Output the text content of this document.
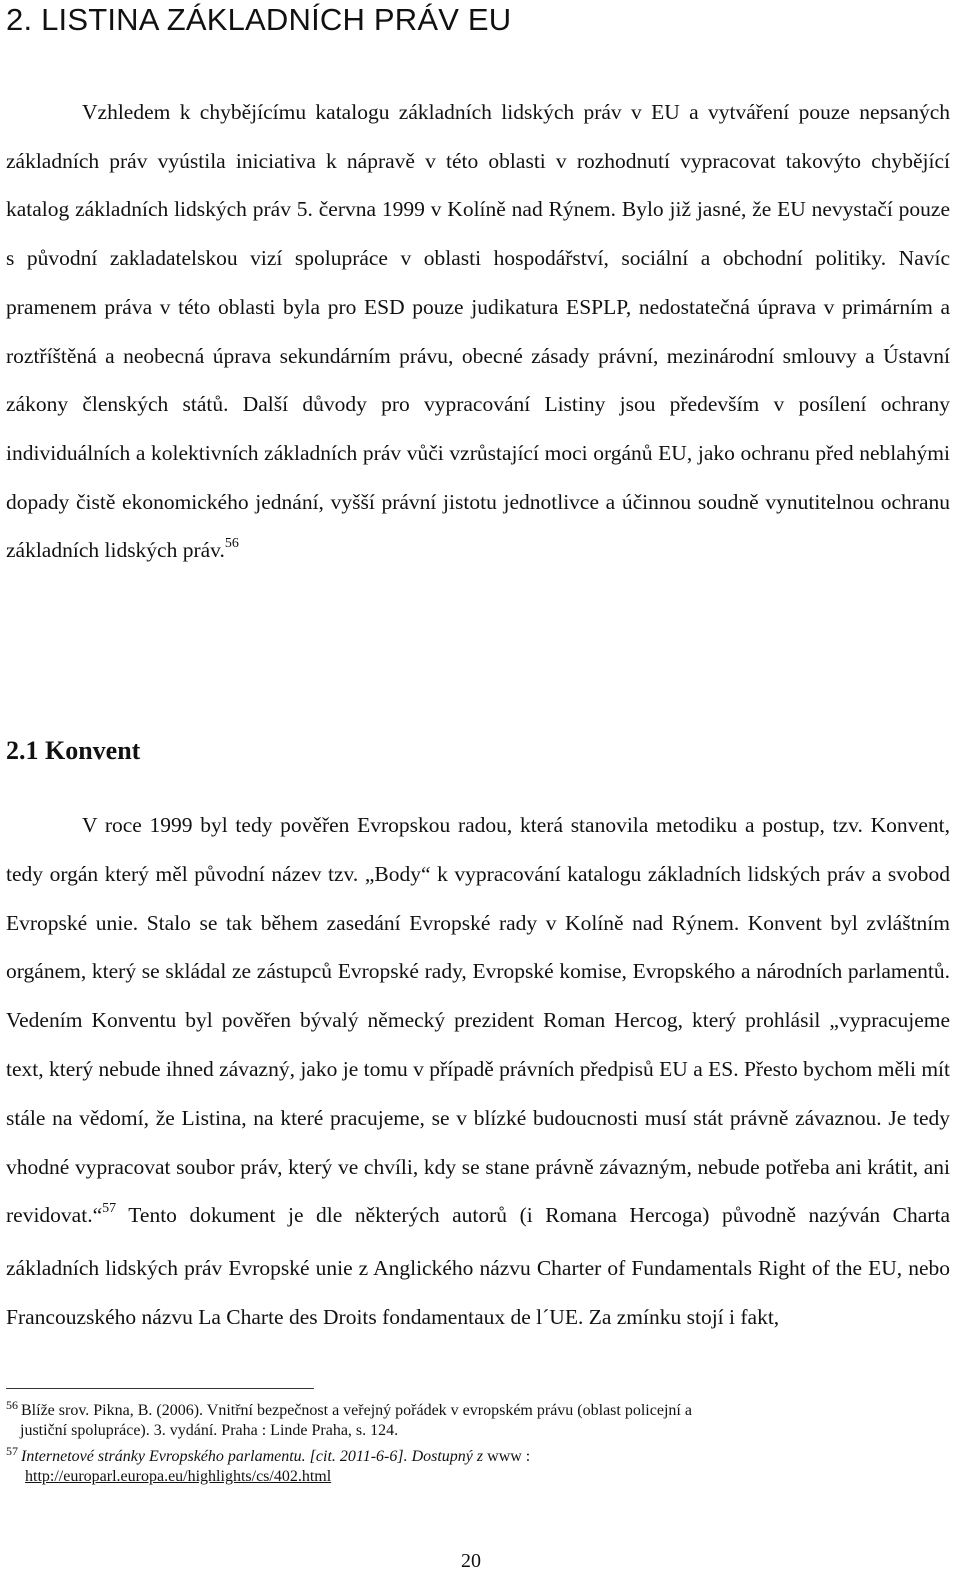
2. LISTINA ZÁKLADNÍCH PRÁV EU

Vzhledem k chybějícímu katalogu základních lidských práv v EU a vytváření pouze nepsaných základních práv vyústila iniciativa k nápravě v této oblasti v rozhodnutí vypracovat takovýto chybějící katalog základních lidských práv 5. června 1999 v Kolíně nad Rýnem. Bylo již jasné, že EU nevystačí pouze s původní zakladatelskou vizí spolupráce v oblasti hospodářství, sociální a obchodní politiky. Navíc pramenem práva v této oblasti byla pro ESD pouze judikatura ESPLP, nedostatečná úprava v primárním a roztříštěná a neobecná úprava sekundárním právu, obecné zásady právní, mezinárodní smlouvy a Ústavní zákony členských států. Další důvody pro vypracování Listiny jsou především v posílení ochrany individuálních a kolektivních základních práv vůči vzrůstající moci orgánů EU, jako ochranu před neblahými dopady čistě ekonomického jednání, vyšší právní jistotu jednotlivce a účinnou soudně vynutitelnou ochranu základních lidských práv.$^{56}$

2.1 Konvent

V roce 1999 byl tedy pověřen Evropskou radou, která stanovila metodiku a postup, tzv. Konvent, tedy orgán který měl původní název tzv. „Body“ k vypracování katalogu základních lidských práv a svobod Evropské unie. Stalo se tak během zasedání Evropské rady v Kolíně nad Rýnem. Konvent byl zvláštním orgánem, který se skládal ze zástupců Evropské rady, Evropské komise, Evropského a národních parlamentů. Vedením Konventu byl pověřen bývalý německý prezident Roman Hercog, který prohlásil „vypracujeme text, který nebude ihned závazný, jako je tomu v případě právních předpisů EU a ES. Přesto bychom měli mít stále na vědomí, že Listina, na které pracujeme, se v blízké budoucnosti musí stát právně závaznou. Je tedy vhodné vypracovat soubor práv, který ve chvíli, kdy se stane právně závazným, nebude potřeba ani krátit, ani revidovat.“$^{57}$ Tento dokument je dle některých autorů (i Romana Hercoga) původně nazýván Charta základních lidských práv Evropské unie z Anglického názvu Charter of Fundamentals Right of the EU, nebo Francouzského názvu La Charte des Droits fondamentaux de l´UE. Za zmínku stojí i fakt,

$^{56}$ Blíže srov. Pikna, B. (2006). Vnitřní bezpečnost a veřejný pořádek v evropském právu (oblast policejní a
justiční spolupráce). 3. vydání. Praha : Linde Praha, s. 124.
$^{57}$ Internetové stránky Evropského parlamentu. [cit. 2011-6-6]. Dostupný z www :
http://europarl.europa.eu/highlights/cs/402.html
20
